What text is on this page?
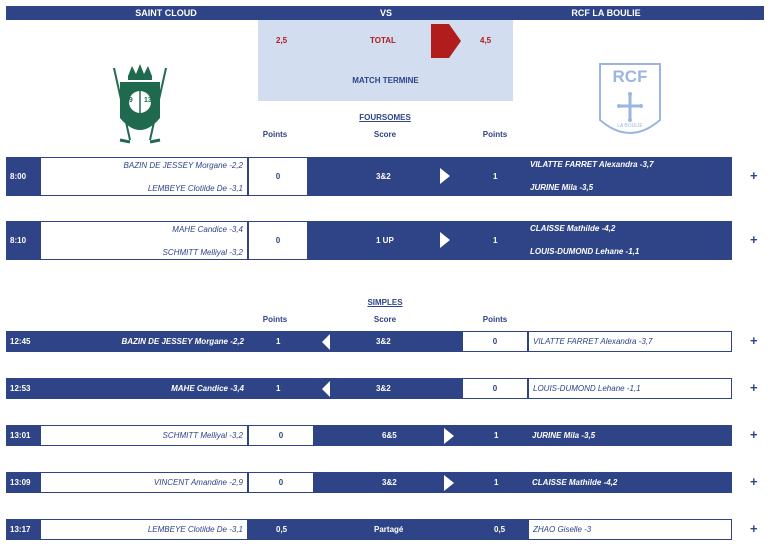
SAINT CLOUD	VS	RCF LA BOULIE
2,5	TOTAL	4,5
MATCH TERMINE
19 13
RCF
LA BOULIE
FOURSOMES
Points	Score	Points
8:00
BAZIN DE JESSEY Morgane -2,2
LEMBEYE Clotilde De -3,1
0	3&2	1
VILATTE FARRET Alexandra -3,7
JURINE Mila -3,5
+
8:10
MAHE Candice -3,4
SCHMITT Melliyal -3,2
0	1 UP	1
CLAISSE Mathilde -4,2
LOUIS-DUMOND Lehane -1,1
+
SIMPLES
Points	Score	Points
12:45	BAZIN DE JESSEY Morgane -2,2	1	3&2	0	VILATTE FARRET Alexandra -3,7	+
12:53	MAHE Candice -3,4	1	3&2	0	LOUIS-DUMOND Lehane -1,1	+
13:01	SCHMITT Melliyal -3,2	0	6&5	1	JURINE Mila -3,5	+
13:09	VINCENT Amandine -2,9	0	3&2	1	CLAISSE Mathilde -4,2	+
13:17	LEMBEYE Clotilde De -3,1	0,5	Partagé	0,5	ZHAO Giselle -3	+
